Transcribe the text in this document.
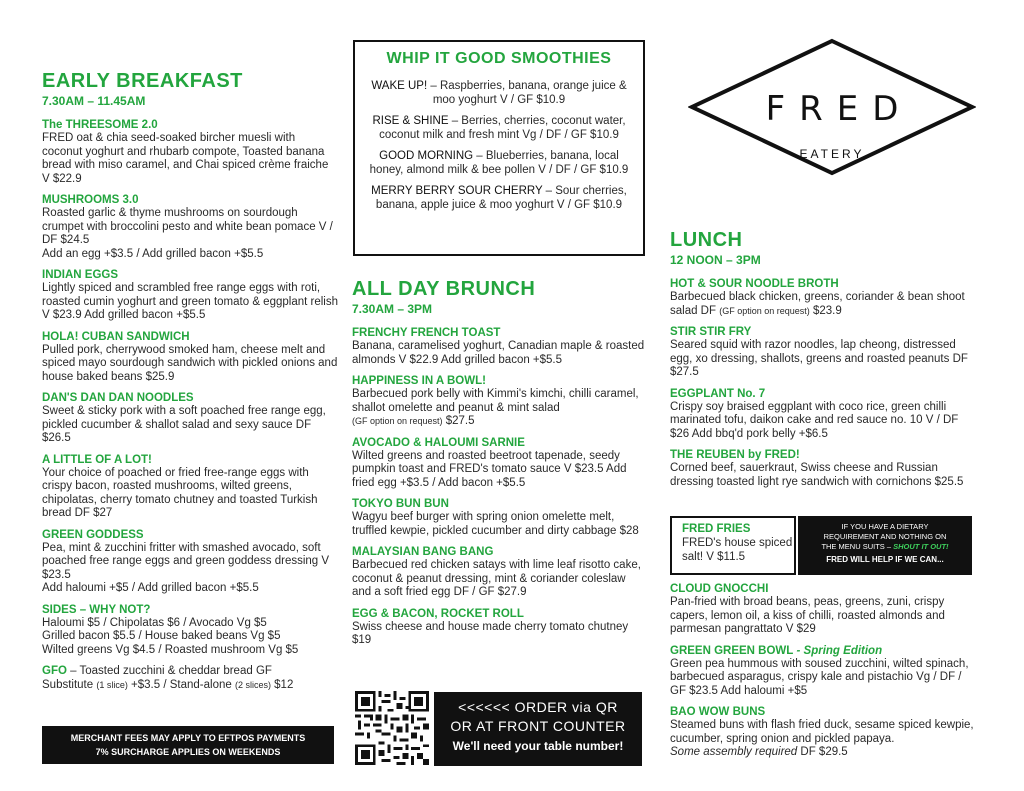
EARLY BREAKFAST
7.30AM – 11.45AM
The THREESOME 2.0
FRED oat & chia seed-soaked bircher muesli with coconut yoghurt and rhubarb compote, Toasted banana bread with miso caramel, and Chai spiced crème fraiche V $22.9
MUSHROOMS 3.0
Roasted garlic & thyme mushrooms on sourdough crumpet with broccolini pesto and white bean pomace V / DF $24.5
Add an egg +$3.5 / Add grilled bacon +$5.5
INDIAN EGGS
Lightly spiced and scrambled free range eggs with roti, roasted cumin yoghurt and green tomato & eggplant relish V $23.9 Add grilled bacon +$5.5
HOLA! CUBAN SANDWICH
Pulled pork, cherrywood smoked ham, cheese melt and spiced mayo sourdough sandwich with pickled onions and house baked beans $25.9
DAN'S DAN DAN NOODLES
Sweet & sticky pork with a soft poached free range egg, pickled cucumber & shallot salad and sexy sauce DF $26.5
A LITTLE OF A LOT!
Your choice of poached or fried free-range eggs with crispy bacon, roasted mushrooms, wilted greens, chipolatas, cherry tomato chutney and toasted Turkish bread DF $27
GREEN GODDESS
Pea, mint & zucchini fritter with smashed avocado, soft poached free range eggs and green goddess dressing V $23.5
Add haloumi +$5 / Add grilled bacon +$5.5
SIDES – WHY NOT?
Haloumi $5 / Chipolatas $6 / Avocado Vg $5
Grilled bacon $5.5 / House baked beans Vg $5
Wilted greens Vg $4.5 / Roasted mushroom Vg $5
GFO – Toasted zucchini & cheddar bread GF
Substitute (1 slice) +$3.5 / Stand-alone (2 slices) $12
MERCHANT FEES MAY APPLY TO EFTPOS PAYMENTS
7% SURCHARGE APPLIES ON WEEKENDS
WHIP IT GOOD SMOOTHIES
WAKE UP! – Raspberries, banana, orange juice & moo yoghurt V / GF $10.9
RISE & SHINE – Berries, cherries, coconut water, coconut milk and fresh mint Vg / DF / GF $10.9
GOOD MORNING – Blueberries, banana, local honey, almond milk & bee pollen V / DF / GF $10.9
MERRY BERRY SOUR CHERRY – Sour cherries, banana, apple juice & moo yoghurt V / GF $10.9
ALL DAY BRUNCH
7.30AM – 3PM
FRENCHY FRENCH TOAST
Banana, caramelised yoghurt, Canadian maple & roasted almonds V $22.9 Add grilled bacon +$5.5
HAPPINESS IN A BOWL!
Barbecued pork belly with Kimmi's kimchi, chilli caramel, shallot omelette and peanut & mint salad
(GF option on request) $27.5
AVOCADO & HALOUMI SARNIE
Wilted greens and roasted beetroot tapenade, seedy pumpkin toast and FRED's tomato sauce V $23.5 Add fried egg +$3.5 / Add bacon +$5.5
TOKYO BUN BUN
Wagyu beef burger with spring onion omelette melt, truffled kewpie, pickled cucumber and dirty cabbage $28
MALAYSIAN BANG BANG
Barbecued red chicken satays with lime leaf risotto cake, coconut & peanut dressing, mint & coriander coleslaw and a soft fried egg DF / GF $27.9
EGG & BACON, ROCKET ROLL
Swiss cheese and house made cherry tomato chutney $19
<<<<<< ORDER via QR
OR AT FRONT COUNTER
We'll need your table number!
FRED
EATERY
LUNCH
12 NOON – 3PM
HOT & SOUR NOODLE BROTH
Barbecued black chicken, greens, coriander & bean shoot salad DF (GF option on request) $23.9
STIR STIR FRY
Seared squid with razor noodles, lap cheong, distressed egg, xo dressing, shallots, greens and roasted peanuts DF $27.5
EGGPLANT No. 7
Crispy soy braised eggplant with coco rice, green chilli marinated tofu, daikon cake and red sauce no. 10 V / DF $26 Add bbq'd pork belly +$6.5
THE REUBEN by FRED!
Corned beef, sauerkraut, Swiss cheese and Russian dressing toasted light rye sandwich with cornichons $25.5
FRED FRIES
FRED's house spiced salt! V $11.5
IF YOU HAVE A DIETARY
REQUIREMENT AND NOTHING ON
THE MENU SUITS – SHOUT IT OUT!
FRED WILL HELP IF WE CAN...
CLOUD GNOCCHI
Pan-fried with broad beans, peas, greens, zuni, crispy capers, lemon oil, a kiss of chilli, roasted almonds and parmesan pangrattato V $29
GREEN GREEN BOWL - Spring Edition
Green pea hummous with soused zucchini, wilted spinach, barbecued asparagus, crispy kale and pistachio Vg / DF / GF $23.5 Add haloumi +$5
BAO WOW BUNS
Steamed buns with flash fried duck, sesame spiced kewpie, cucumber, spring onion and pickled papaya.
Some assembly required DF $29.5
